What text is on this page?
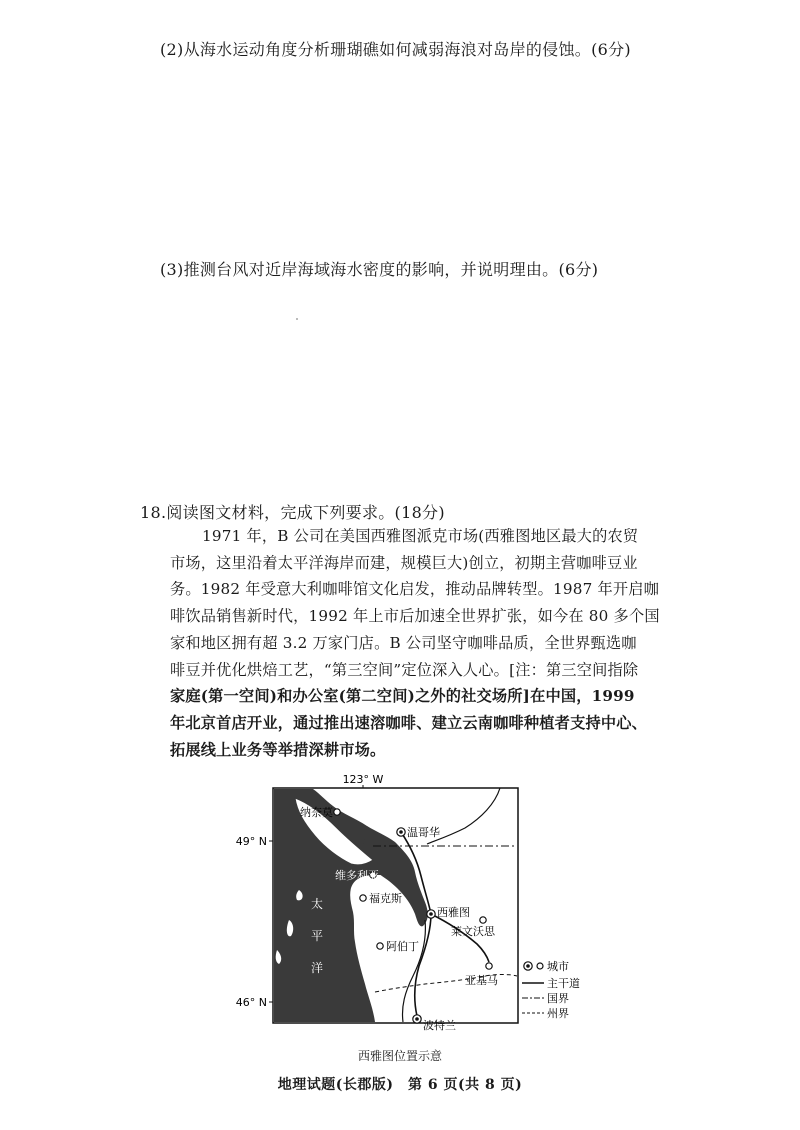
(2)从海水运动角度分析珊瑚礁如何减弱海浪对岛岸的侵蚀。(6分)
(3)推测台风对近岸海域海水密度的影响，并说明理由。(6分)
18.阅读图文材料，完成下列要求。(18分)
1971 年，B 公司在美国西雅图派克市场(西雅图地区最大的农贸
市场，这里沿着太平洋海岸而建，规模巨大)创立，初期主营咖啡豆业
务。1982 年受意大利咖啡馆文化启发，推动品牌转型。1987 年开启咖
啡饮品销售新时代，1992 年上市后加速全世界扩张，如今在 80 多个国
家和地区拥有超 3.2 万家门店。B 公司坚守咖啡品质，全世界甄选咖
啡豆并优化烘焙工艺，“第三空间”定位深入人心。[注：第三空间指除
家庭(第一空间)和办公室(第二空间)之外的社交场所]在中国，1999
年北京首店开业，通过推出速溶咖啡、建立云南咖啡种植者支持中心、
拓展线上业务等举措深耕市场。
123° W
纳奈莫
温哥华
维多利亚
福克斯
西雅图
莱文沃思
阿伯丁
亚基马
波特兰
太
平
洋
49° N
46° N
城市
主干道
国界
州界
西雅图位置示意
地理试题(长郡版)　第 6 页(共 8 页)
